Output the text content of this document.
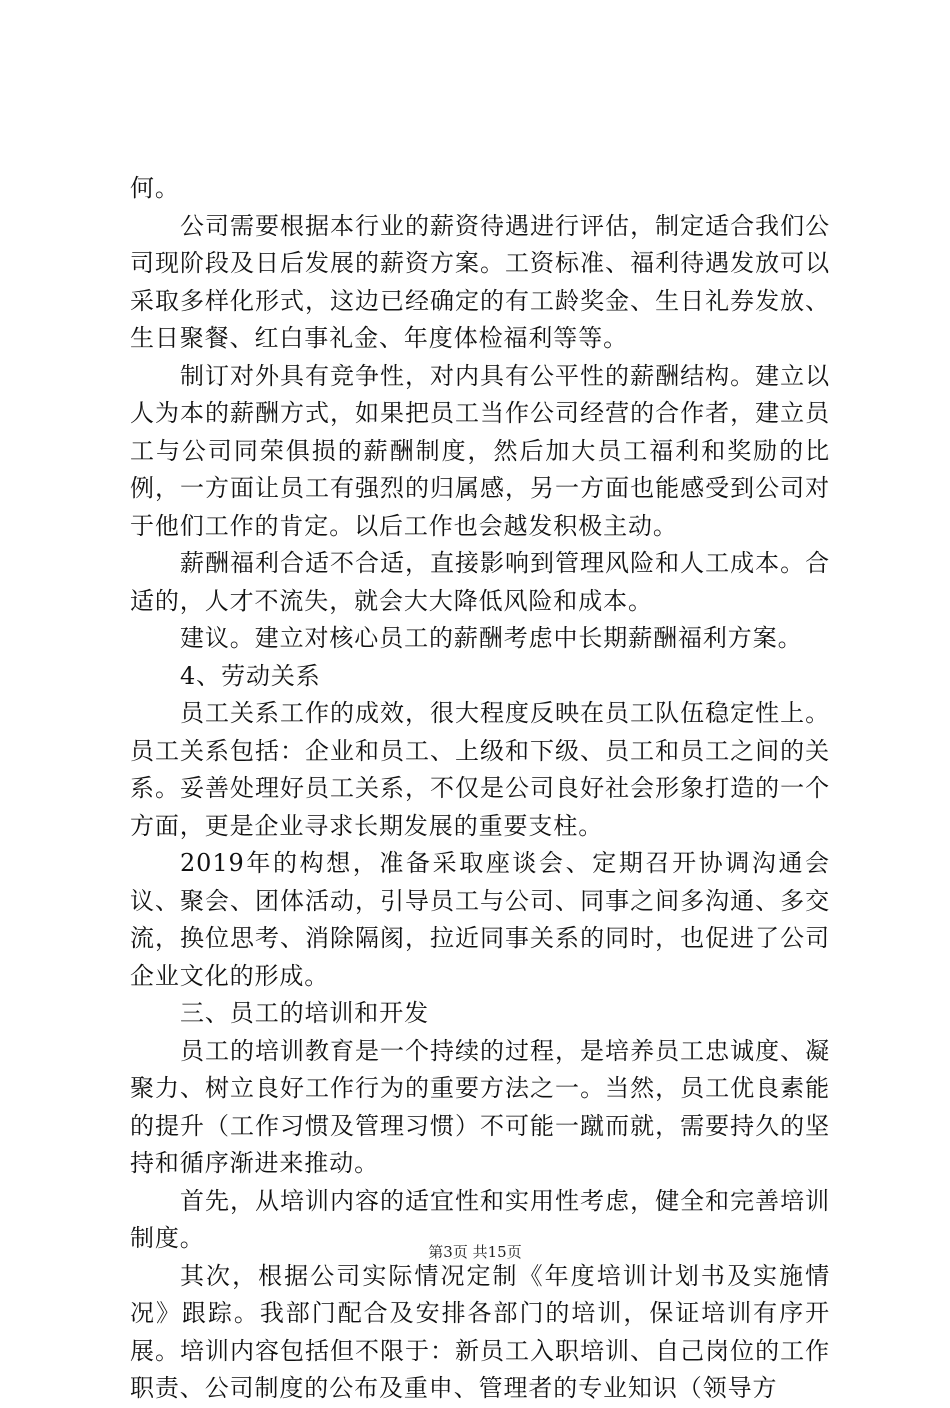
何。

公司需要根据本行业的薪资待遇进行评估，制定适合我们公司现阶段及日后发展的薪资方案。工资标准、福利待遇发放可以采取多样化形式，这边已经确定的有工龄奖金、生日礼券发放、生日聚餐、红白事礼金、年度体检福利等等。

制订对外具有竞争性，对内具有公平性的薪酬结构。建立以人为本的薪酬方式，如果把员工当作公司经营的合作者，建立员工与公司同荣俱损的薪酬制度，然后加大员工福利和奖励的比例，一方面让员工有强烈的归属感，另一方面也能感受到公司对于他们工作的肯定。以后工作也会越发积极主动。

薪酬福利合适不合适，直接影响到管理风险和人工成本。合适的，人才不流失，就会大大降低风险和成本。

建议。建立对核心员工的薪酬考虑中长期薪酬福利方案。

4、劳动关系

员工关系工作的成效，很大程度反映在员工队伍稳定性上。员工关系包括：企业和员工、上级和下级、员工和员工之间的关系。妥善处理好员工关系，不仅是公司良好社会形象打造的一个方面，更是企业寻求长期发展的重要支柱。

2019年的构想，准备采取座谈会、定期召开协调沟通会议、聚会、团体活动，引导员工与公司、同事之间多沟通、多交流，换位思考、消除隔阂，拉近同事关系的同时，也促进了公司企业文化的形成。

三、员工的培训和开发

员工的培训教育是一个持续的过程，是培养员工忠诚度、凝聚力、树立良好工作行为的重要方法之一。当然，员工优良素能的提升（工作习惯及管理习惯）不可能一蹴而就，需要持久的坚持和循序渐进来推动。

首先，从培训内容的适宜性和实用性考虑，健全和完善培训制度。

其次，根据公司实际情况定制《年度培训计划书及实施情况》跟踪。我部门配合及安排各部门的培训，保证培训有序开展。培训内容包括但不限于：新员工入职培训、自己岗位的工作职责、公司制度的公布及重申、管理者的专业知识（领导方

第3页 共15页
